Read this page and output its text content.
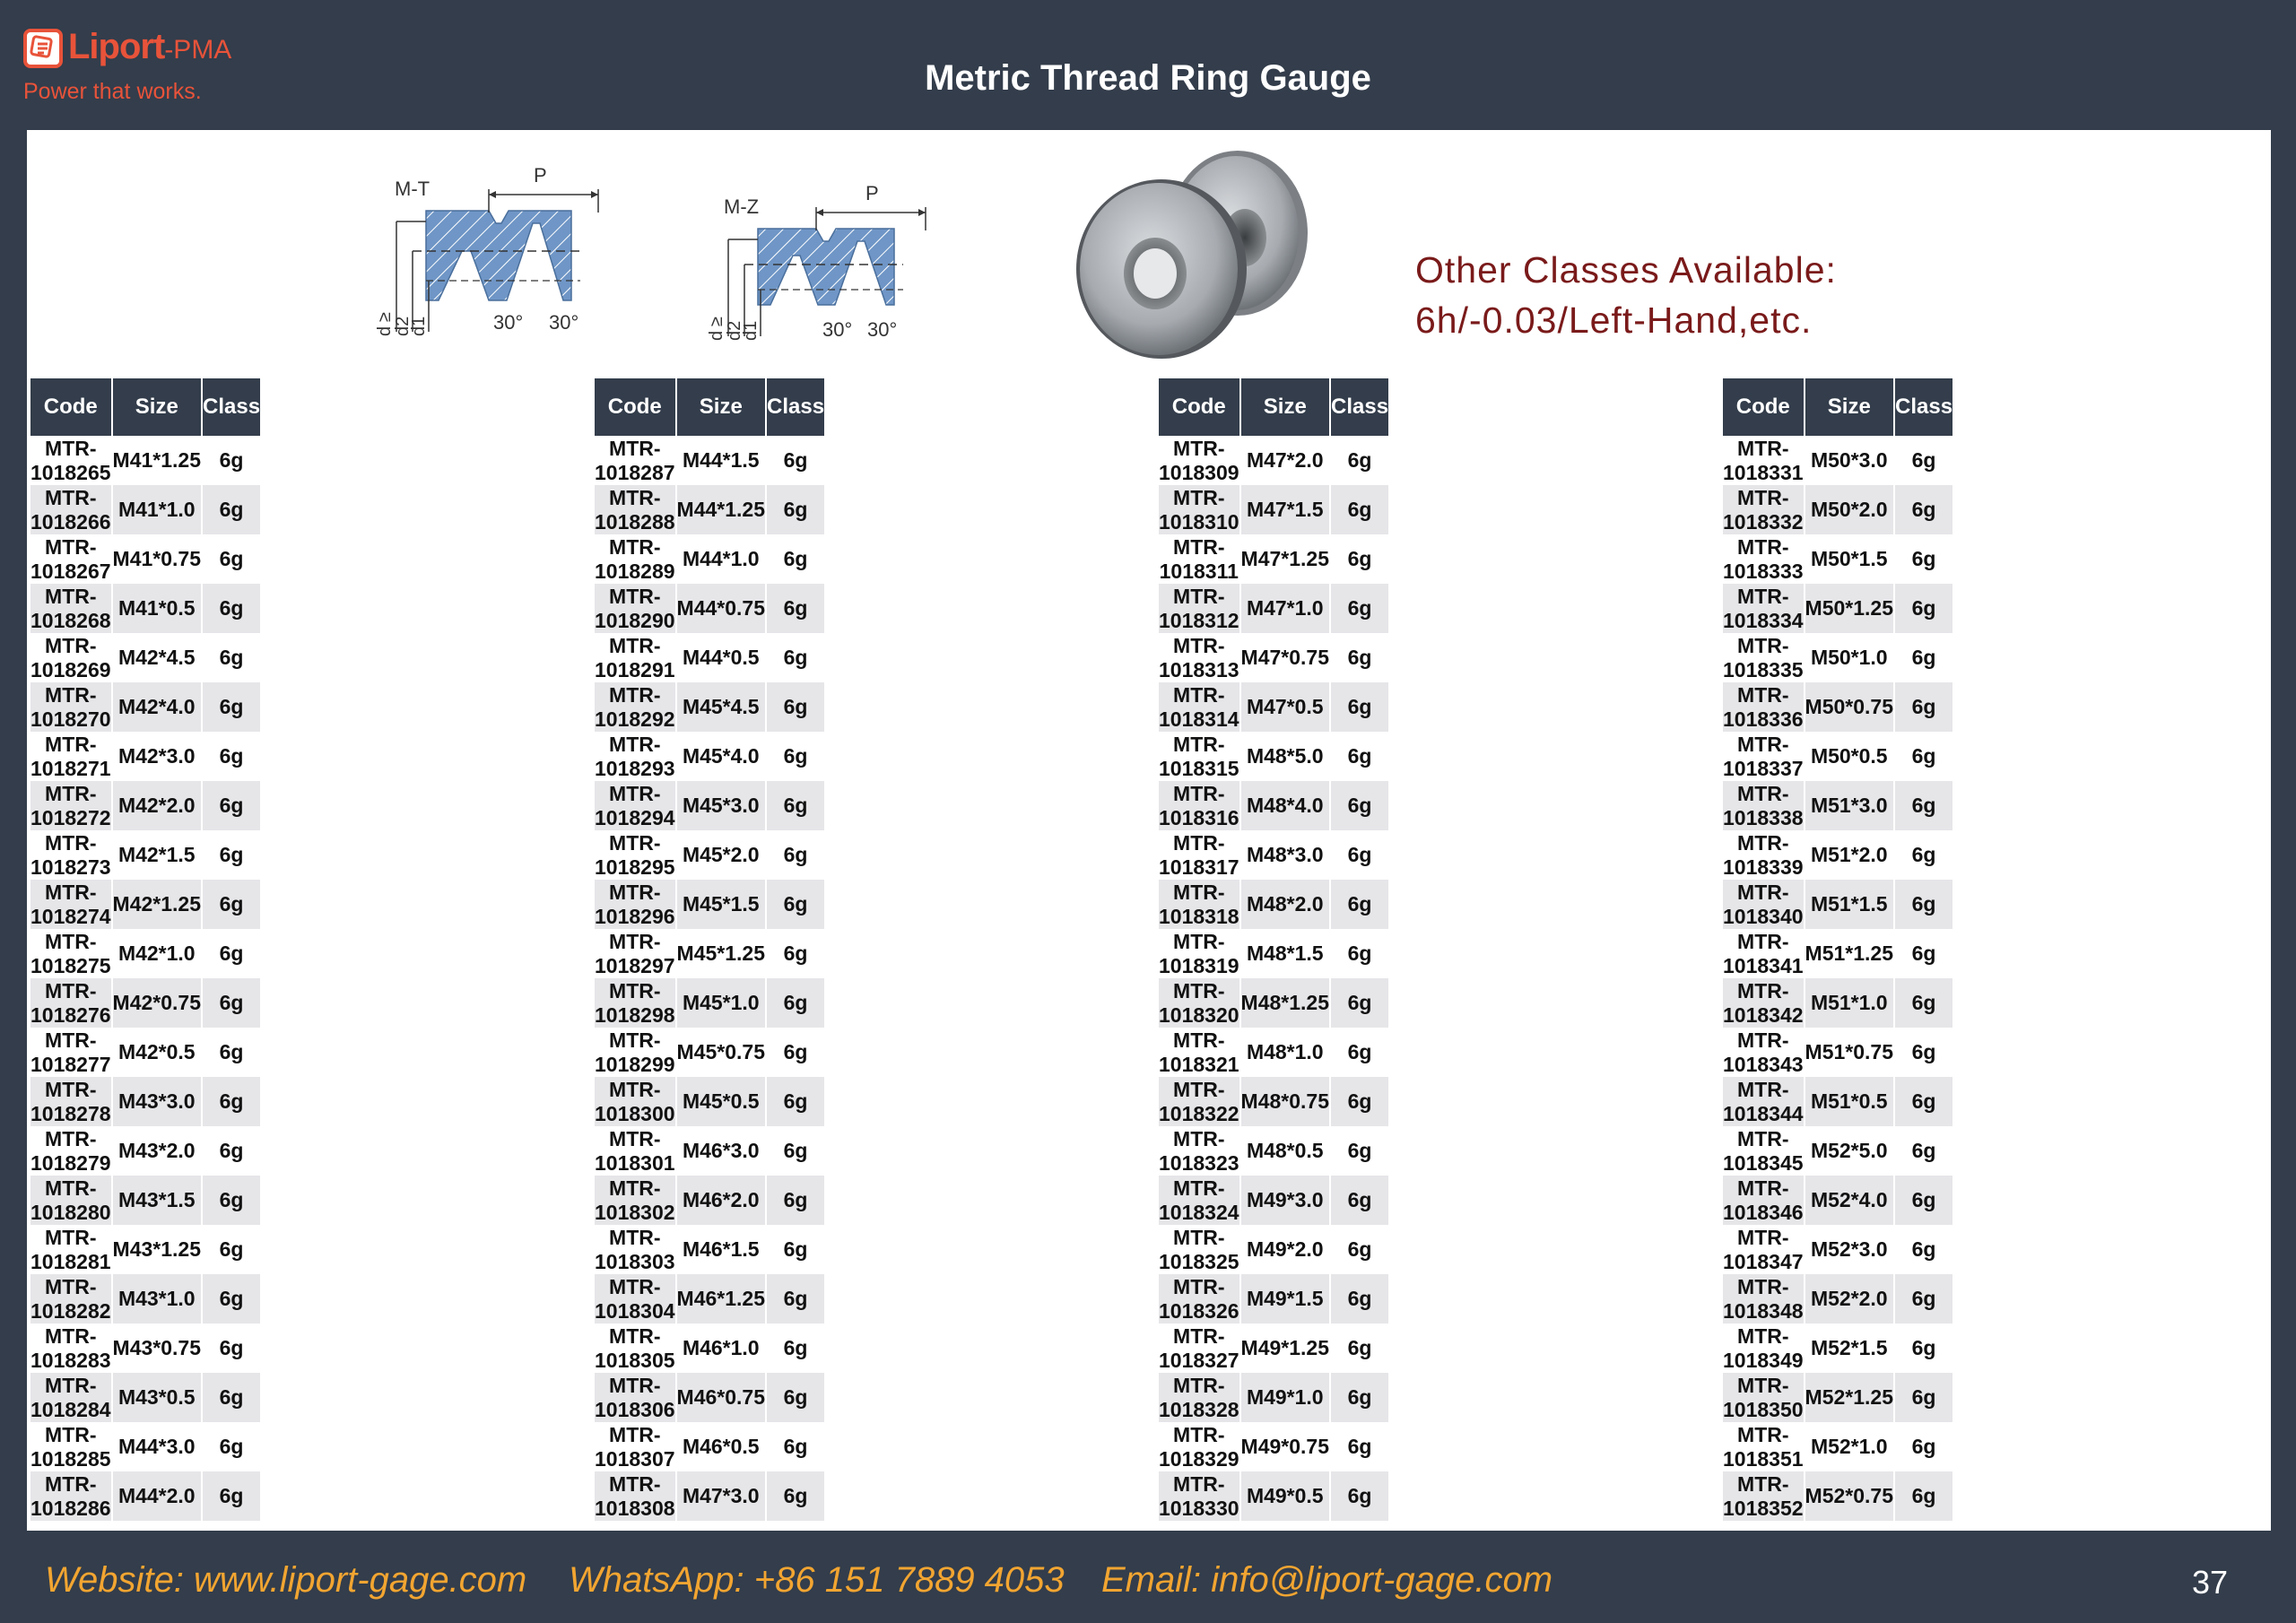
Liport-PMA
Power that works.	Metric Thread Ring Gauge
P
M-T
30° 30°
d
≥
d2
d1
P
M-Z
30° 30°
d
≥
d2
d1
Other Classes Available:
6h/-0.03/Left-Hand,etc.
Code	Size	Class
MTR-1018265	M41*1.25	6g
MTR-1018266	M41*1.0	6g
MTR-1018267	M41*0.75	6g
MTR-1018268	M41*0.5	6g
MTR-1018269	M42*4.5	6g
MTR-1018270	M42*4.0	6g
MTR-1018271	M42*3.0	6g
MTR-1018272	M42*2.0	6g
MTR-1018273	M42*1.5	6g
MTR-1018274	M42*1.25	6g
MTR-1018275	M42*1.0	6g
MTR-1018276	M42*0.75	6g
MTR-1018277	M42*0.5	6g
MTR-1018278	M43*3.0	6g
MTR-1018279	M43*2.0	6g
MTR-1018280	M43*1.5	6g
MTR-1018281	M43*1.25	6g
MTR-1018282	M43*1.0	6g
MTR-1018283	M43*0.75	6g
MTR-1018284	M43*0.5	6g
MTR-1018285	M44*3.0	6g
MTR-1018286	M44*2.0	6g
Code	Size	Class
MTR-1018287	M44*1.5	6g
MTR-1018288	M44*1.25	6g
MTR-1018289	M44*1.0	6g
MTR-1018290	M44*0.75	6g
MTR-1018291	M44*0.5	6g
MTR-1018292	M45*4.5	6g
MTR-1018293	M45*4.0	6g
MTR-1018294	M45*3.0	6g
MTR-1018295	M45*2.0	6g
MTR-1018296	M45*1.5	6g
MTR-1018297	M45*1.25	6g
MTR-1018298	M45*1.0	6g
MTR-1018299	M45*0.75	6g
MTR-1018300	M45*0.5	6g
MTR-1018301	M46*3.0	6g
MTR-1018302	M46*2.0	6g
MTR-1018303	M46*1.5	6g
MTR-1018304	M46*1.25	6g
MTR-1018305	M46*1.0	6g
MTR-1018306	M46*0.75	6g
MTR-1018307	M46*0.5	6g
MTR-1018308	M47*3.0	6g
Code	Size	Class
MTR-1018309	M47*2.0	6g
MTR-1018310	M47*1.5	6g
MTR-1018311	M47*1.25	6g
MTR-1018312	M47*1.0	6g
MTR-1018313	M47*0.75	6g
MTR-1018314	M47*0.5	6g
MTR-1018315	M48*5.0	6g
MTR-1018316	M48*4.0	6g
MTR-1018317	M48*3.0	6g
MTR-1018318	M48*2.0	6g
MTR-1018319	M48*1.5	6g
MTR-1018320	M48*1.25	6g
MTR-1018321	M48*1.0	6g
MTR-1018322	M48*0.75	6g
MTR-1018323	M48*0.5	6g
MTR-1018324	M49*3.0	6g
MTR-1018325	M49*2.0	6g
MTR-1018326	M49*1.5	6g
MTR-1018327	M49*1.25	6g
MTR-1018328	M49*1.0	6g
MTR-1018329	M49*0.75	6g
MTR-1018330	M49*0.5	6g
Code	Size	Class
MTR-1018331	M50*3.0	6g
MTR-1018332	M50*2.0	6g
MTR-1018333	M50*1.5	6g
MTR-1018334	M50*1.25	6g
MTR-1018335	M50*1.0	6g
MTR-1018336	M50*0.75	6g
MTR-1018337	M50*0.5	6g
MTR-1018338	M51*3.0	6g
MTR-1018339	M51*2.0	6g
MTR-1018340	M51*1.5	6g
MTR-1018341	M51*1.25	6g
MTR-1018342	M51*1.0	6g
MTR-1018343	M51*0.75	6g
MTR-1018344	M51*0.5	6g
MTR-1018345	M52*5.0	6g
MTR-1018346	M52*4.0	6g
MTR-1018347	M52*3.0	6g
MTR-1018348	M52*2.0	6g
MTR-1018349	M52*1.5	6g
MTR-1018350	M52*1.25	6g
MTR-1018351	M52*1.0	6g
MTR-1018352	M52*0.75	6g
Website: www.liport-gage.com WhatsApp: +86 151 7889 4053 Email: info@liport-gage.com	37
